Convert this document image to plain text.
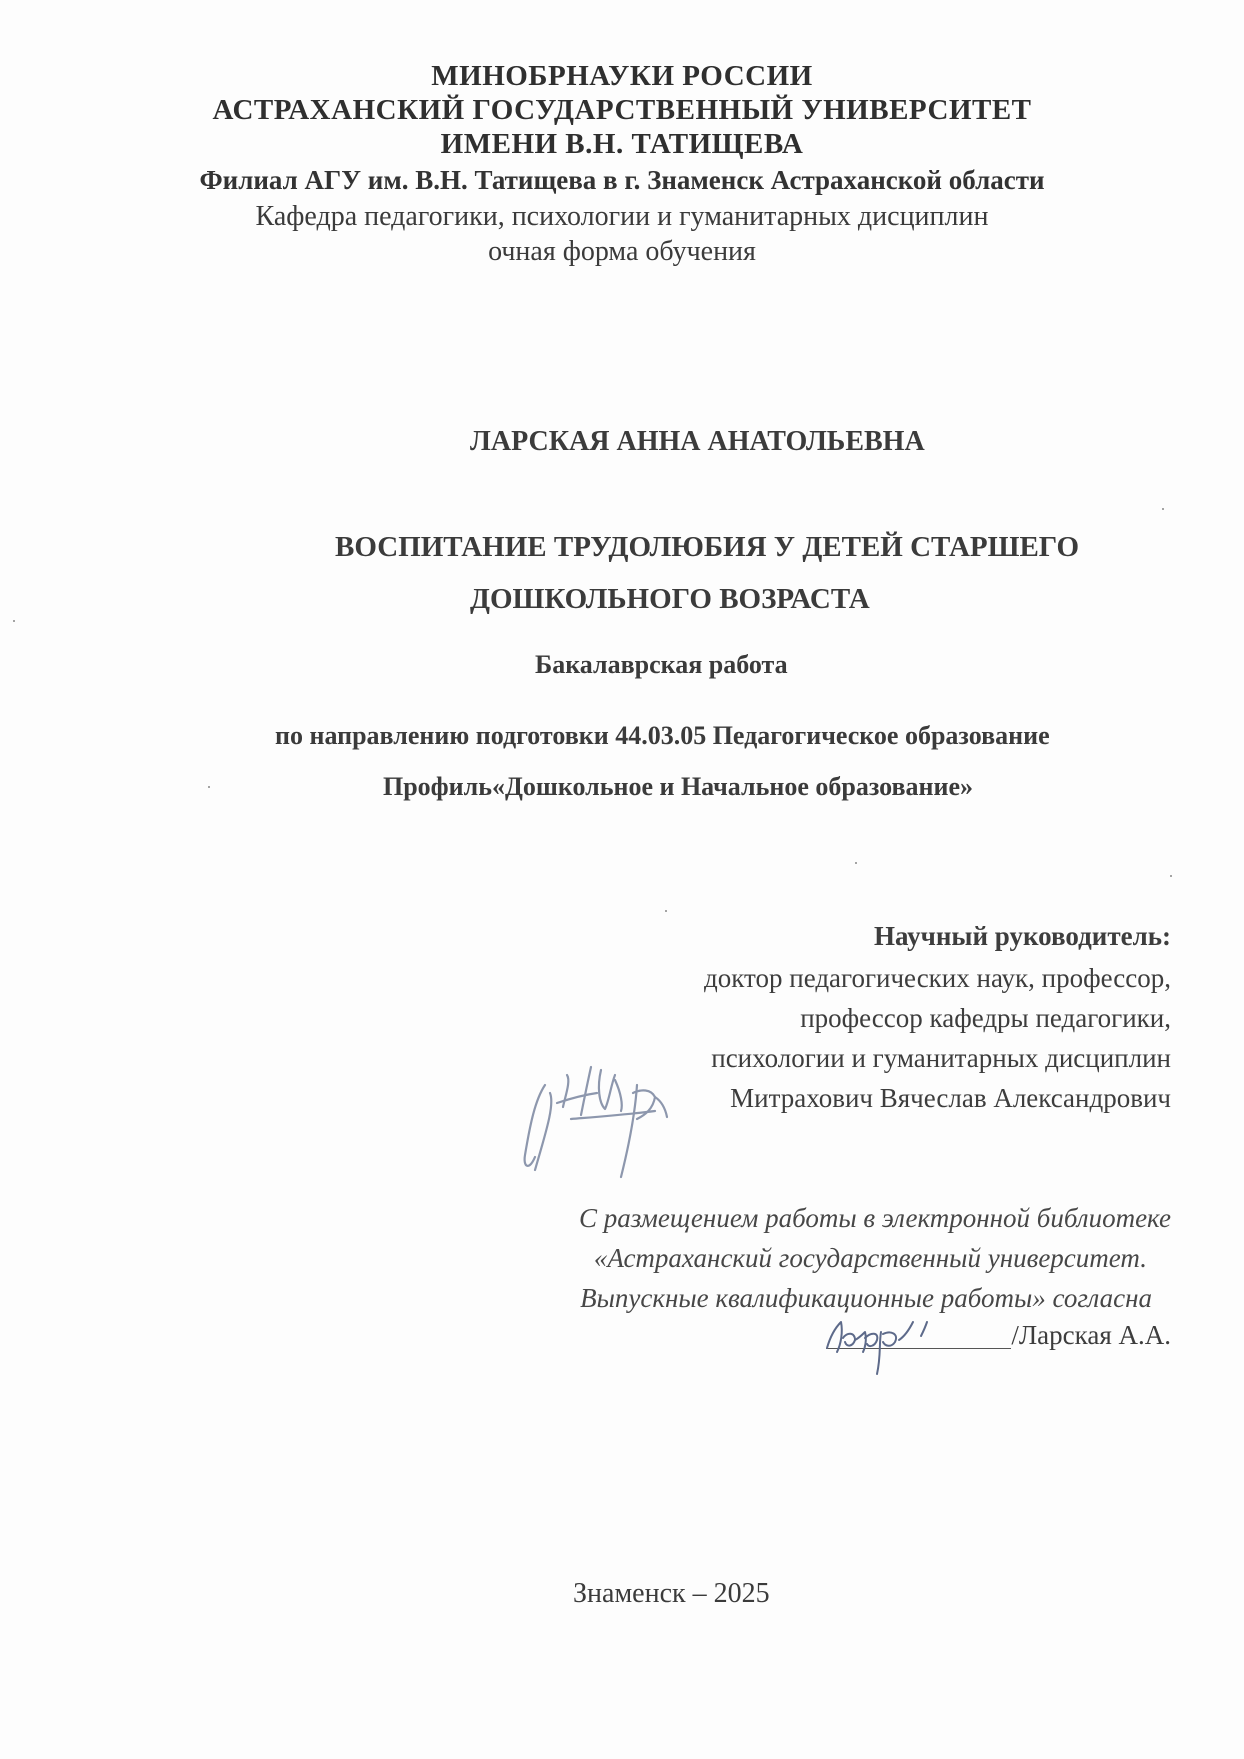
МИНОБРНАУКИ РОССИИ
АСТРАХАНСКИЙ ГОСУДАРСТВЕННЫЙ УНИВЕРСИТЕТ
ИМЕНИ В.Н. ТАТИЩЕВА
Филиал АГУ им. В.Н. Татищева в г. Знаменск Астраханской области
Кафедра педагогики, психологии и гуманитарных дисциплин
очная форма обучения
ЛАРСКАЯ АННА АНАТОЛЬЕВНА
ВОСПИТАНИЕ ТРУДОЛЮБИЯ У ДЕТЕЙ СТАРШЕГО
ДОШКОЛЬНОГО ВОЗРАСТА
Бакалаврская работа
по направлению подготовки 44.03.05 Педагогическое образование
Профиль«Дошкольное и Начальное образование»
Научный руководитель:
доктор педагогических наук, профессор,
профессор кафедры педагогики,
психологии и гуманитарных дисциплин
Митрахович Вячеслав Александрович
С размещением работы в электронной библиотеке
«Астраханский государственный университет.
Выпускные квалификационные работы» согласна
/Ларская А.А.
Знаменск – 2025
